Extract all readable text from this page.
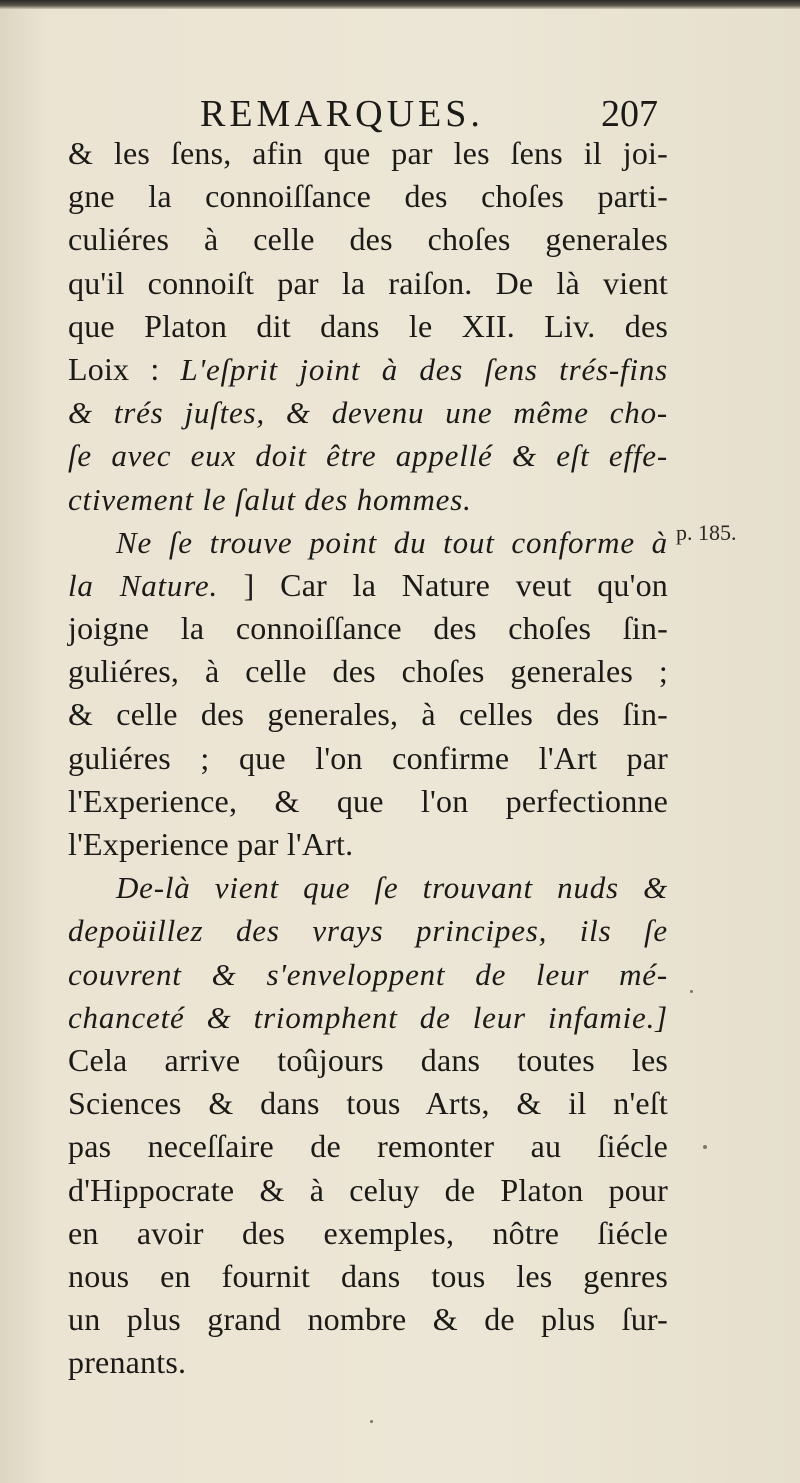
REMARQUES.	207
& les ſens, afin que par les ſens il joi-
gne la connoiſſance des choſes parti-
culiéres à celle des choſes generales
qu'il connoiſt par la raiſon. De là vient
que Platon dit dans le XII. Liv. des
Loix : L'eſprit joint à des ſens trés-fins
& trés juſtes, & devenu une même cho-
ſe avec eux doit être appellé & eſt effe-
ctivement le ſalut des hommes.
Ne ſe trouve point du tout conforme à
la Nature. ] Car la Nature veut qu'on
joigne la connoiſſance des choſes ſin-
guliéres, à celle des choſes generales ;
& celle des generales, à celles des ſin-
guliéres ; que l'on confirme l'Art par
l'Experience, & que l'on perfectionne
l'Experience par l'Art.
De-là vient que ſe trouvant nuds &
depoüillez des vrays principes, ils ſe
couvrent & s'enveloppent de leur mé-
chanceté & triomphent de leur infamie.]
Cela arrive toûjours dans toutes les
Sciences & dans tous Arts, & il n'eſt
pas neceſſaire de remonter au ſiécle
d'Hippocrate & à celuy de Platon pour
en avoir des exemples, nôtre ſiécle
nous en fournit dans tous les genres
un plus grand nombre & de plus ſur-
prenants.
p. 185.
